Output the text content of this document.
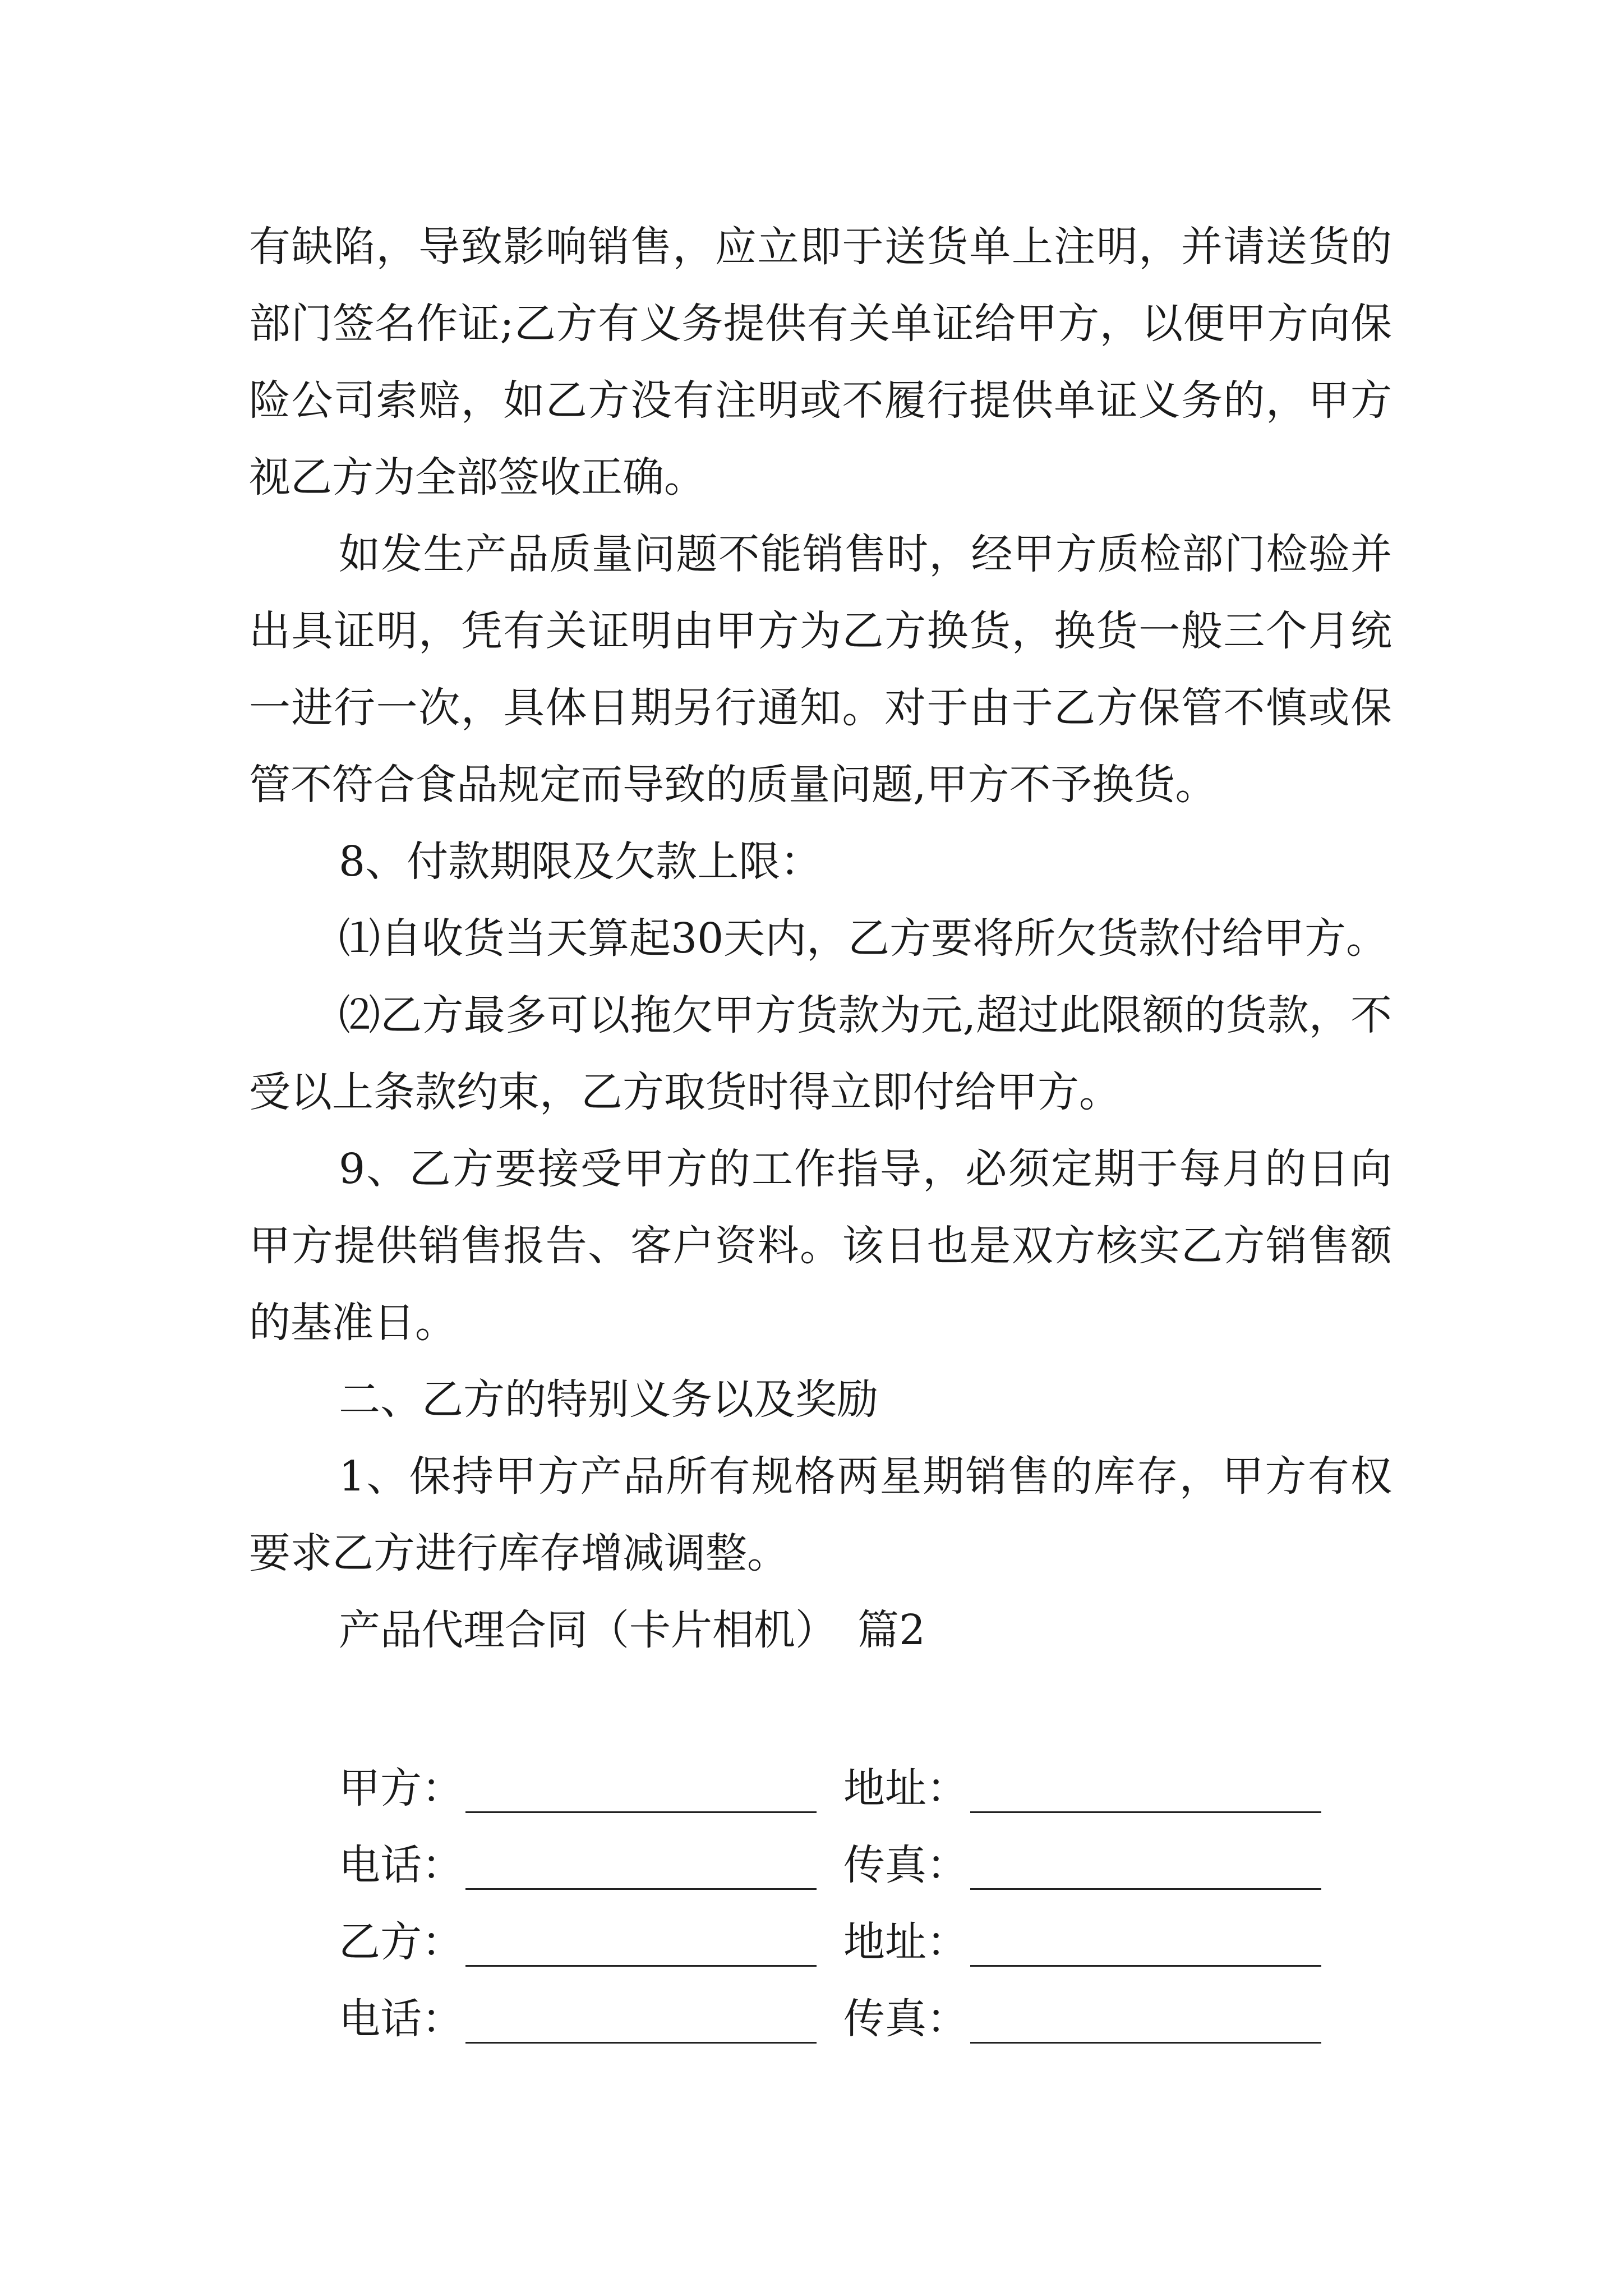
有缺陷，导致影响销售，应立即于送货单上注明，并请送货的部门签名作证;乙方有义务提供有关单证给甲方，以便甲方向保险公司索赔，如乙方没有注明或不履行提供单证义务的，甲方视乙方为全部签收正确。

如发生产品质量问题不能销售时，经甲方质检部门检验并出具证明，凭有关证明由甲方为乙方换货，换货一般三个月统一进行一次，具体日期另行通知。对于由于乙方保管不慎或保管不符合食品规定而导致的质量问题,甲方不予换货。

8、付款期限及欠款上限：

⑴自收货当天算起30天内，乙方要将所欠货款付给甲方。

⑵乙方最多可以拖欠甲方货款为元,超过此限额的货款，不受以上条款约束，乙方取货时得立即付给甲方。

9、乙方要接受甲方的工作指导，必须定期于每月的日向甲方提供销售报告、客户资料。该日也是双方核实乙方销售额的基准日。

二、乙方的特别义务以及奖励

1、保持甲方产品所有规格两星期销售的库存，甲方有权要求乙方进行库存增减调整。

产品代理合同（卡片相机）　篇2

甲方：	地址：
电话：	传真：
乙方：	地址：
电话：	传真：
